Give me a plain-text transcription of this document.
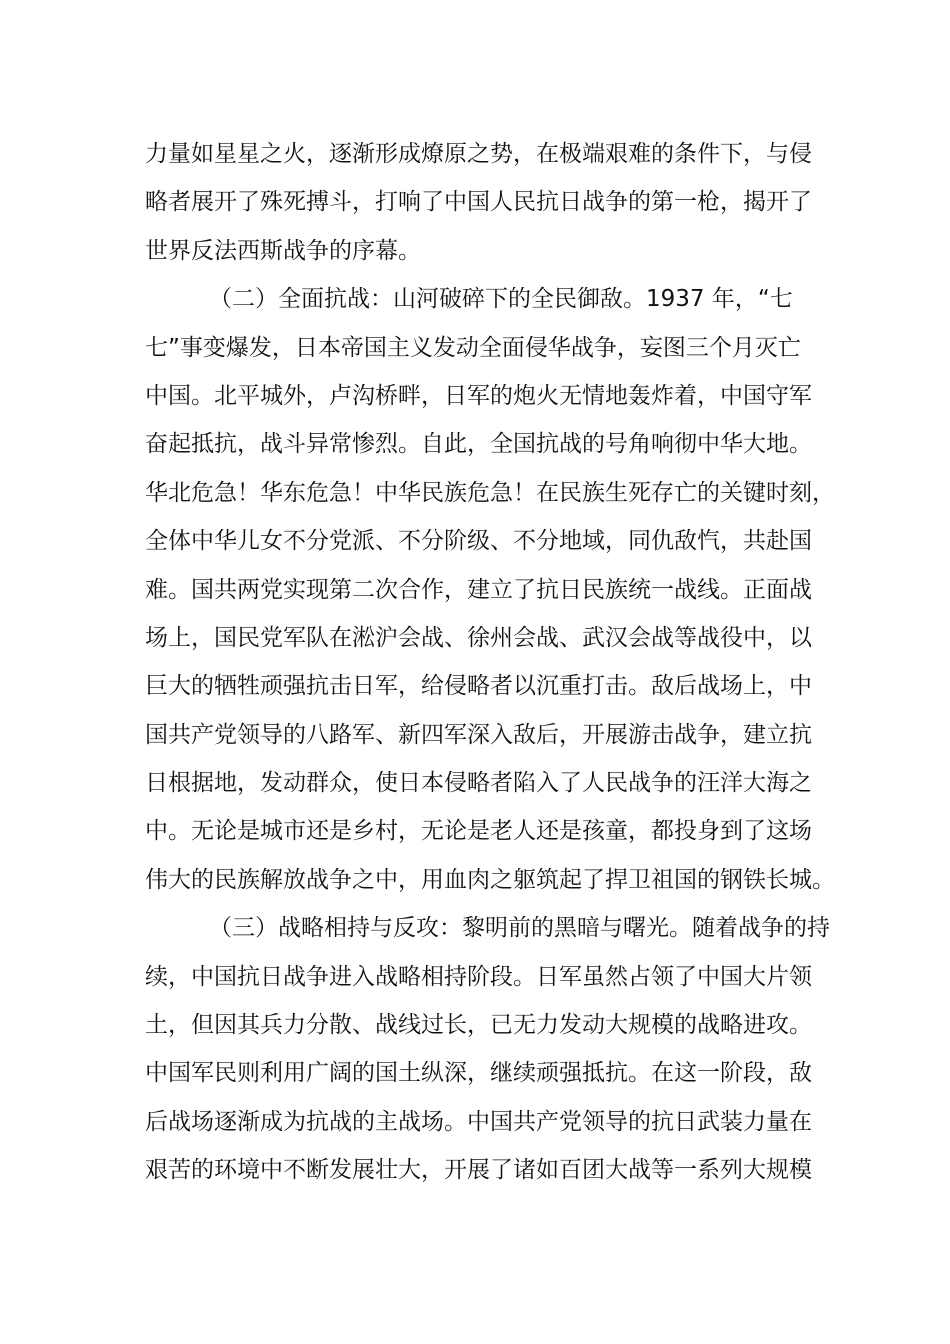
力量如星星之火，逐渐形成燎原之势，在极端艰难的条件下，与侵
略者展开了殊死搏斗，打响了中国人民抗日战争的第一枪，揭开了
世界反法西斯战争的序幕。
（二）全面抗战：山河破碎下的全民御敌。1937 年，“七
七”事变爆发，日本帝国主义发动全面侵华战争，妄图三个月灭亡
中国。北平城外，卢沟桥畔，日军的炮火无情地轰炸着，中国守军
奋起抵抗，战斗异常惨烈。自此，全国抗战的号角响彻中华大地。
华北危急！华东危急！中华民族危急！在民族生死存亡的关键时刻，
全体中华儿女不分党派、不分阶级、不分地域，同仇敌忾，共赴国
难。国共两党实现第二次合作，建立了抗日民族统一战线。正面战
场上，国民党军队在淞沪会战、徐州会战、武汉会战等战役中，以
巨大的牺牲顽强抗击日军，给侵略者以沉重打击。敌后战场上，中
国共产党领导的八路军、新四军深入敌后，开展游击战争，建立抗
日根据地，发动群众，使日本侵略者陷入了人民战争的汪洋大海之
中。无论是城市还是乡村，无论是老人还是孩童，都投身到了这场
伟大的民族解放战争之中，用血肉之躯筑起了捍卫祖国的钢铁长城。
（三）战略相持与反攻：黎明前的黑暗与曙光。随着战争的持
续，中国抗日战争进入战略相持阶段。日军虽然占领了中国大片领
土，但因其兵力分散、战线过长，已无力发动大规模的战略进攻。
中国军民则利用广阔的国土纵深，继续顽强抵抗。在这一阶段，敌
后战场逐渐成为抗战的主战场。中国共产党领导的抗日武装力量在
艰苦的环境中不断发展壮大，开展了诸如百团大战等一系列大规模
